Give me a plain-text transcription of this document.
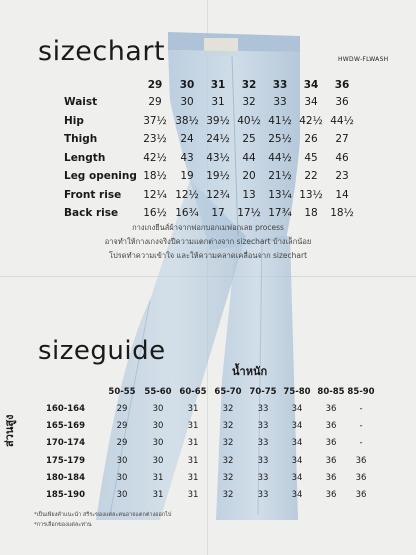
sizechart	HWDW-FLWASH
29	30	31	32	33	34	36
Waist	29	30	31	32	33	34	36
Hip	37½ 38½ 39½ 40½ 41½ 42½ 44½
Thigh	23½	24	24½	25	25½	26	27
Length	42½	43	43½	44	44½	45	46
Leg opening 18½	19	19½	20	21½	22	23
Front rise	12¼ 12½ 12¾	13	13¼ 13½	14
Back rise	16½ 16¾	17	17½ 17¾	18	18½
กางเกงยีนส์ผ้าจากฟอกบอกเมฟอกเลย process
อาจทำให้กางเกงจริงปีความแตกต่างจาก sizechart บ้างเล็กน้อย
โปรดทำความเข้าใจ และให้ความคลาดเคลื่อนจาก sizechart
sizeguide
น้ำหนัก
ส่วนสูง
50-55 55-60 60-65 65-70 70-75 75-80 80-85 85-90
160-164	29	30	31	32	33	34	36	-
165-169	29	30	31	32	33	34	36	-
170-174	29	30	31	32	33	34	36	-
175-179	30	30	31	32	33	34	36	36
180-184	30	31	31	32	33	34	36	36
185-190	30	31	31	32	33	34	36	36
*เป็นเพียงคำแนะนำ สรีระของแต่ละคนอาจแตกต่างออกไป
*การเลือกของแต่ละท่าน
